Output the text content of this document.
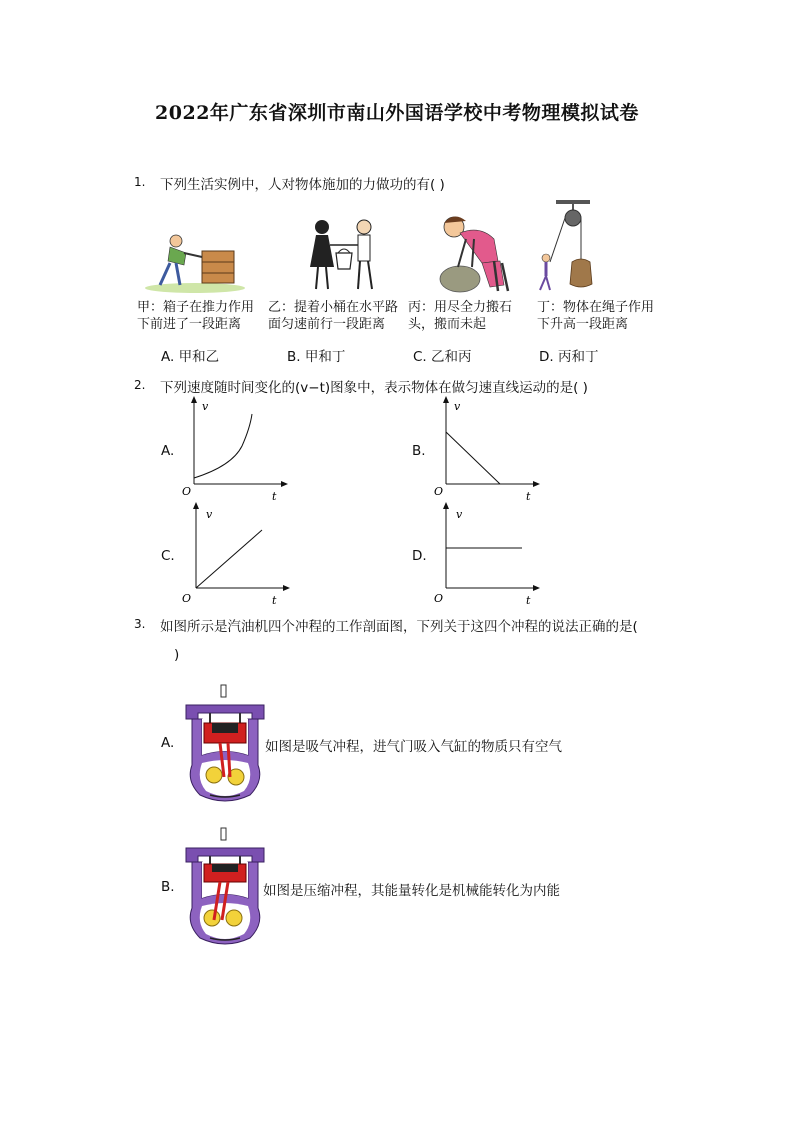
2022年广东省深圳市南山外国语学校中考物理模拟试卷
1. 下列生活实例中，人对物体施加的力做功的有( )
甲：箱子在推力作用
下前进了一段距离
乙：提着小桶在水平路
面匀速前行一段距离
丙：用尽全力搬石
头，搬而未起
丁：物体在绳子作用
下升高一段距离
A. 甲和乙	B. 甲和丁	C. 乙和丙	D. 丙和丁
2. 下列速度随时间变化的(v−t)图象中，表示物体在做匀速直线运动的是( )
A.
v
t
O
B.
v
t
O
C.
v
t
O
D.
v
t
O
3. 如图所示是汽油机四个冲程的工作剖面图，下列关于这四个冲程的说法正确的是(
)
A.	如图是吸气冲程，进气门吸入气缸的物质只有空气
B.	如图是压缩冲程，其能量转化是机械能转化为内能
